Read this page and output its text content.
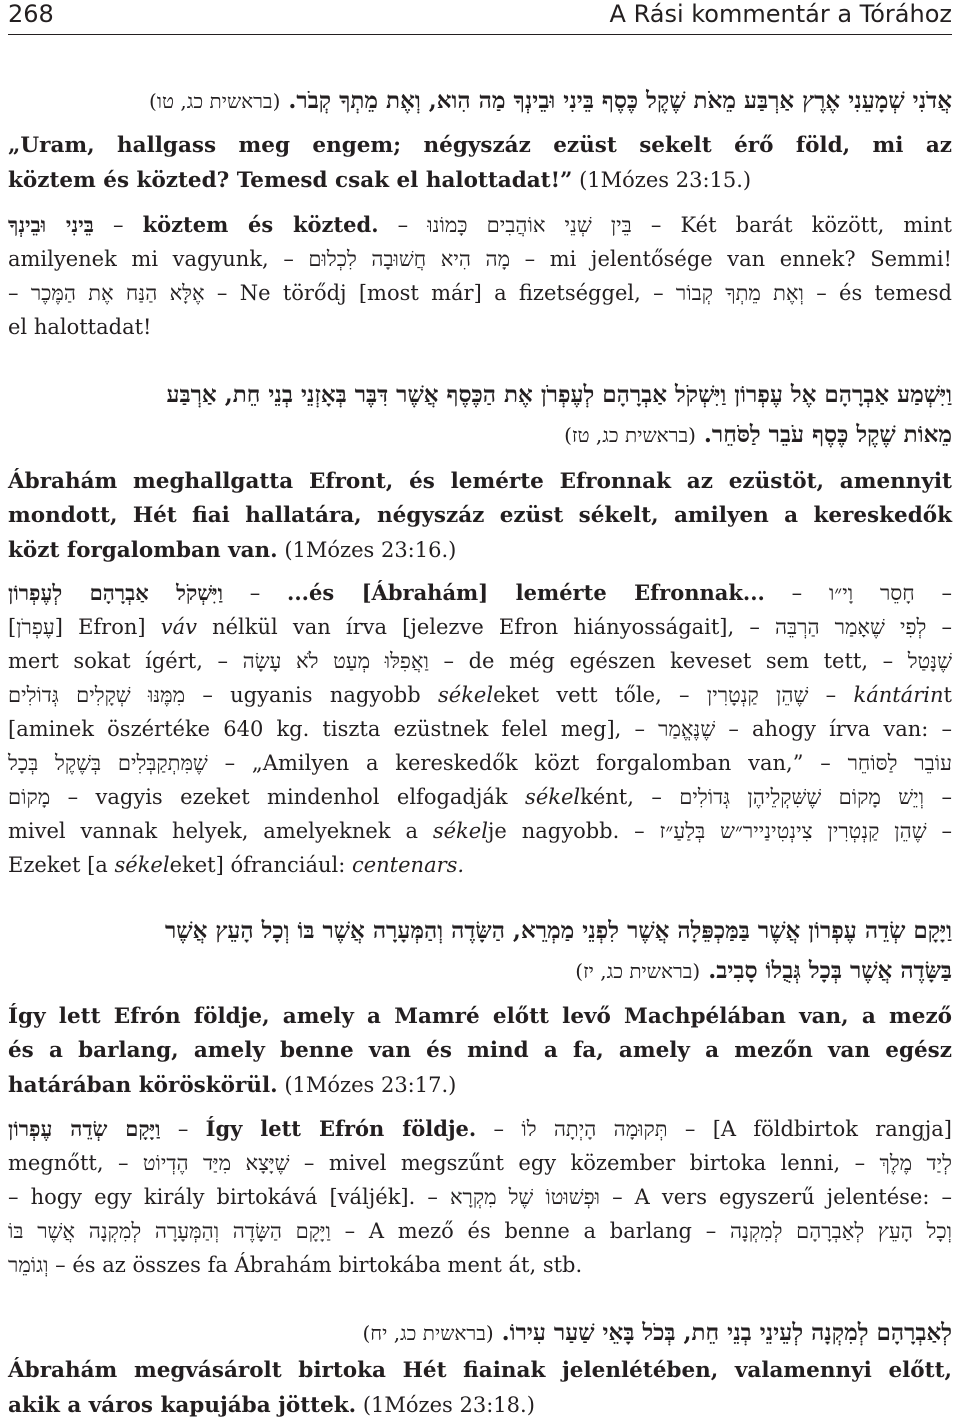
268	A Rási kommentár a Tórához
אֲדֹנִי שְׁמָעֵנִי אֶרֶץ אַרְבַּע מֵאֹת שֶׁקֶל כֶּסֶף בֵּינִי וּבֵינְךָ מַה הִוא, וְאֶת מֵתְךָ קְבֹר. (בראשית כג, טו)
„Uram, hallgass meg engem; négyszáz ezüst sekelt érő föld, mi az
köztem és közted? Temesd csak el halottadat!” (1Mózes 23:15.)
בֵּינִי וּבֵינְךָ – köztem és közted. – בֵּין שְׁנֵי אוֹהֲבִים כָּמוֹנוּ – Két barát között, mint
amilyenek mi vagyunk, – מָה הִיא חֲשׁוּבָה לִכְלוּם – mi jelentősége van ennek? Semmi!
– אֶלָּא הַנַּח אֶת הַמֶּכֶר – Ne törődj [most már] a fizetséggel, – וְאֶת מֵתְךָ קְבוֹר – és temesd
el halottadat!
וַיִּשְׁמַע אַבְרָהָם אֶל עֶפְרוֹן וַיִּשְׁקֹל אַבְרָהָם לְעֶפְרֹן אֶת הַכֶּסֶף אֲשֶׁר דִּבֶּר בְּאָזְנֵי בְנֵי חֵת, אַרְבַּע
מֵאוֹת שֶׁקֶל כֶּסֶף עֹבֵר לַסֹּחֵר. (בראשית כג, טז)
Ábrahám meghallgatta Efront, és lemérte Efronnak az ezüstöt, amennyit
mondott, Hét fiai hallatára, négyszáz ezüst sékelt, amilyen a kereskedők
közt forgalomban van. (1Mózes 23:16.)
וַיִּשְׁקֹל אַבְרָהָם לְעֶפְרוֹן – ...és [Ábrahám] lemérte Efronnak... – חָסֵר וָי״ו –
[עֶפְרֹן] Efron] váv nélkül van írva [jelezve Efron hiányosságait], – לְפִי שֶׁאָמַר הַרְבֵּה –
mert sokat ígért, – וַאֲפִלּוּ מְעַט לֹא עָשָׂה – de még egészen keveset sem tett, – שֶׁנָּטַל
מִמֶּנּוּ שְׁקָלִים גְּדוֹלִים – ugyanis nagyobb sékeleket vett tőle, – שֶׁהֵן קַנְטָרִין – kántárint
[aminek öszértéke 640 kg. tiszta ezüstnek felel meg], – שֶׁנֶּאֱמַר – ahogy írva van: –
שֶׁמִּתְקַבְּלִים בְּשֶׁקֶל בְּכָל – „Amilyen a kereskedők közt forgalomban van,” – עוֹבֵר לַסּוֹחֵר
מָקוֹם – vagyis ezeket mindenhol elfogadják sékelként, – וְיֵשׁ מָקוֹם שֶׁשִּׁקְלֵיהֶן גְּדוֹלִים –
mivel vannak helyek, amelyeknek a sékelje nagyobb. – שֶׁהֵן קַנְטְרִין צִינְטִינַייר״ש בְּלַעַ״ז –
Ezeket [a sékeleket] ófranciául: centenars.
וַיָּקָם שְׂדֵה עֶפְרוֹן אֲשֶׁר בַּמַּכְפֵּלָה אֲשֶׁר לִפְנֵי מַמְרֵא, הַשָּׂדֶה וְהַמְּעָרָה אֲשֶׁר בּוֹ וְכָל הָעֵץ אֲשֶׁר
בַּשָּׂדֶה אֲשֶׁר בְּכָל גְּבֻלוֹ סָבִיב. (בראשית כג, יז)
Így lett Efrón földje, amely a Mamré előtt levő Machpélában van, a mező
és a barlang, amely benne van és mind a fa, amely a mezőn van egész
határában köröskörül. (1Mózes 23:17.)
וַיָּקָם שְׂדֵה עֶפְרוֹן – Így lett Efrón földje. – תְּקוּמָה הָיְתָה לוֹ – [A földbirtok rangja]
megnőtt, – שֶׁיָּצָא מִיַּד הֶדְיוֹט – mivel megszűnt egy közember birtoka lenni, – לְיַד מֶלֶךְ
– hogy egy király birtokává [váljék]. – וּפְשׁוּטוֹ שֶׁל מִקְרָא – A vers egyszerű jelentése: –
אֲשֶׁר בּוֹ וַיָּקָם הַשָּׂדֶה וְהַמְּעָרָה לְמִקְנָה – A mező és benne a barlang – וְכָל הָעֵץ לְאַבְרָהָם לְמִקְנָה
וְגוֹמֵר – és az összes fa Ábrahám birtokába ment át, stb.
לְאַבְרָהָם לְמִקְנָה לְעֵינֵי בְנֵי חֵת, בְּכֹל בָּאֵי שַׁעַר עִירוֹ. (בראשית כג, יח)
Ábrahám megvásárolt birtoka Hét fiainak jelenlétében, valamennyi előtt,
akik a város kapujába jöttek. (1Mózes 23:18.)
